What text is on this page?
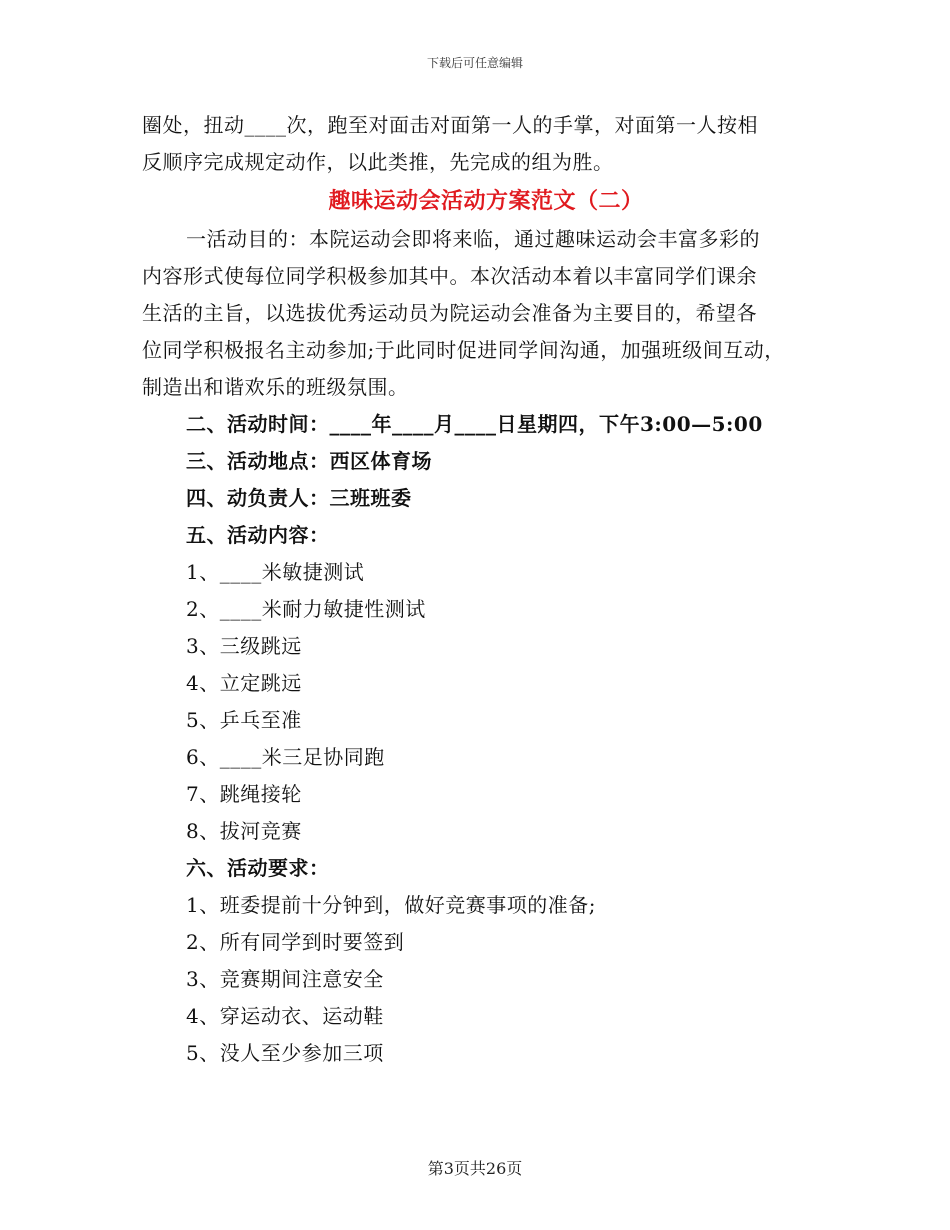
下载后可任意编辑
圈处，扭动____次，跑至对面击对面第一人的手掌，对面第一人按相
反顺序完成规定动作，以此类推，先完成的组为胜。
趣味运动会活动方案范文（二）
一活动目的：本院运动会即将来临，通过趣味运动会丰富多彩的
内容形式使每位同学积极参加其中。本次活动本着以丰富同学们课余
生活的主旨，以选拔优秀运动员为院运动会准备为主要目的，希望各
位同学积极报名主动参加;于此同时促进同学间沟通，加强班级间互动，
制造出和谐欢乐的班级氛围。
二、活动时间：____年____月____日星期四，下午3:00—5:00
三、活动地点：西区体育场
四、动负责人：三班班委
五、活动内容：
1、____米敏捷测试
2、____米耐力敏捷性测试
3、三级跳远
4、立定跳远
5、乒乓至准
6、____米三足协同跑
7、跳绳接轮
8、拔河竞赛
六、活动要求：
1、班委提前十分钟到，做好竞赛事项的准备;
2、所有同学到时要签到
3、竞赛期间注意安全
4、穿运动衣、运动鞋
5、没人至少参加三项
第3页共26页
